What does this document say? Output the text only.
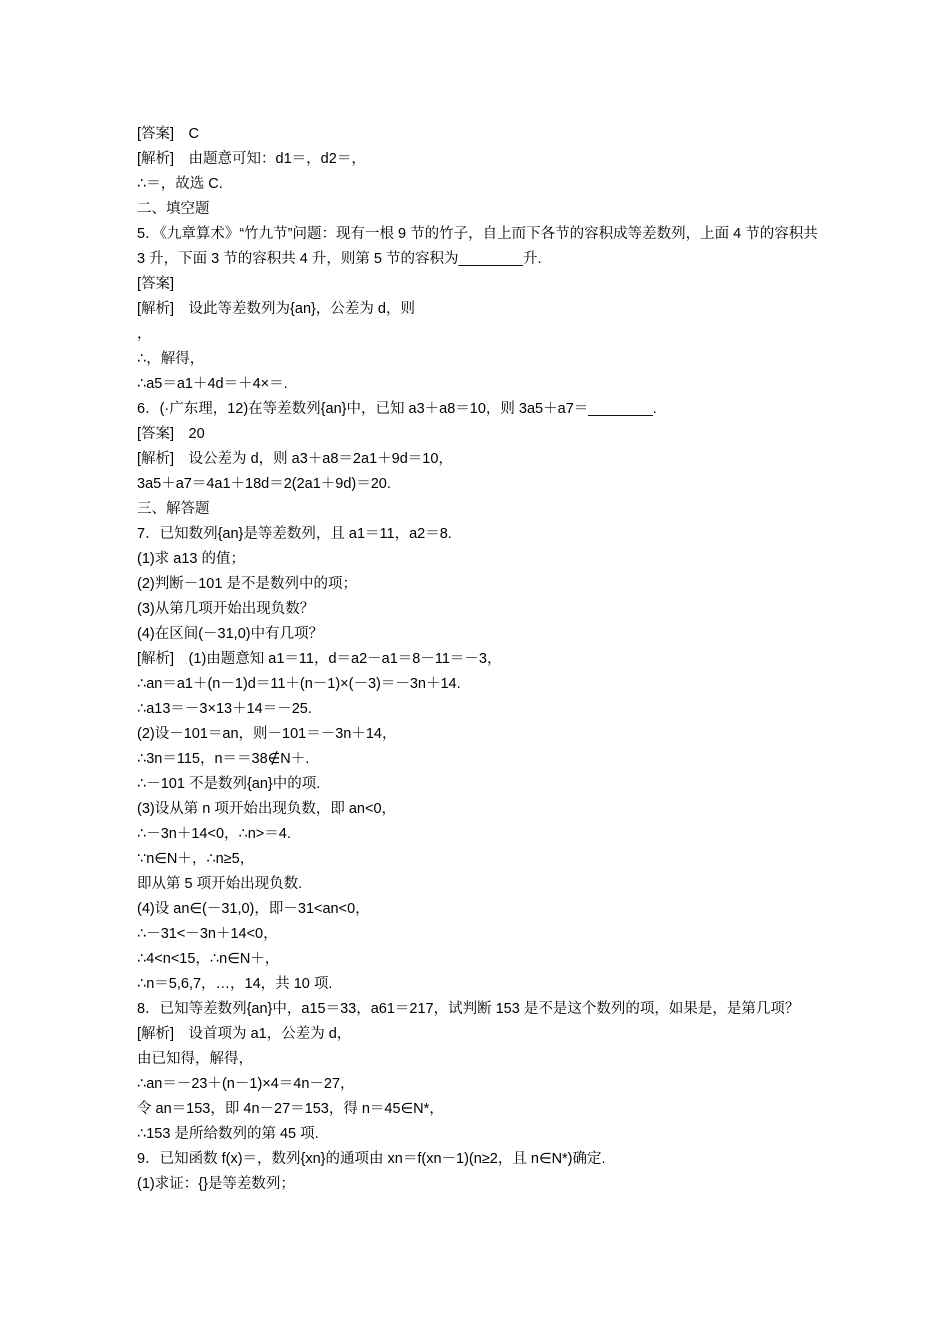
[答案]　C
[解析]　由题意可知：d1＝，d2＝，
∴＝，故选 C.
二、填空题
5．《九章算术》“竹九节”问题：现有一根 9 节的竹子，自上而下各节的容积成等差数列，上面 4 节的容积共 3 升，下面 3 节的容积共 4 升，则第 5 节的容积为________升.
[答案]
[解析]　设此等差数列为{an}，公差为 d，则
，
∴，解得，
∴a5＝a1＋4d＝＋4×＝.
6．(·广东理，12)在等差数列{an}中，已知 a3＋a8＝10，则 3a5＋a7＝________.
[答案]　20
[解析]　设公差为 d，则 a3＋a8＝2a1＋9d＝10，
3a5＋a7＝4a1＋18d＝2(2a1＋9d)＝20.
三、解答题
7．已知数列{an}是等差数列，且 a1＝11，a2＝8.
(1)求 a13 的值；
(2)判断－101 是不是数列中的项；
(3)从第几项开始出现负数？
(4)在区间(－31,0)中有几项？
[解析]　(1)由题意知 a1＝11，d＝a2－a1＝8－11＝－3，
∴an＝a1＋(n－1)d＝11＋(n－1)×(－3)＝－3n＋14.
∴a13＝－3×13＋14＝－25.
(2)设－101＝an，则－101＝－3n＋14，
∴3n＝115，n＝＝38∉N＋.
∴－101 不是数列{an}中的项.
(3)设从第 n 项开始出现负数，即 an<0，
∴－3n＋14<0，∴n>＝4.
∵n∈N＋，∴n≥5，
即从第 5 项开始出现负数.
(4)设 an∈(－31,0)，即－31<an<0，
∴－31<－3n＋14<0，
∴4<n<15，∴n∈N＋，
∴n＝5,6,7，…，14，共 10 项.
8．已知等差数列{an}中，a15＝33，a61＝217，试判断 153 是不是这个数列的项，如果是，是第几项？
[解析]　设首项为 a1，公差为 d，
由已知得，解得，
∴an＝－23＋(n－1)×4＝4n－27，
令 an＝153，即 4n－27＝153，得 n＝45∈N*，
∴153 是所给数列的第 45 项.
9．已知函数 f(x)＝，数列{xn}的通项由 xn＝f(xn－1)(n≥2，且 n∈N*)确定.
(1)求证：{}是等差数列；
